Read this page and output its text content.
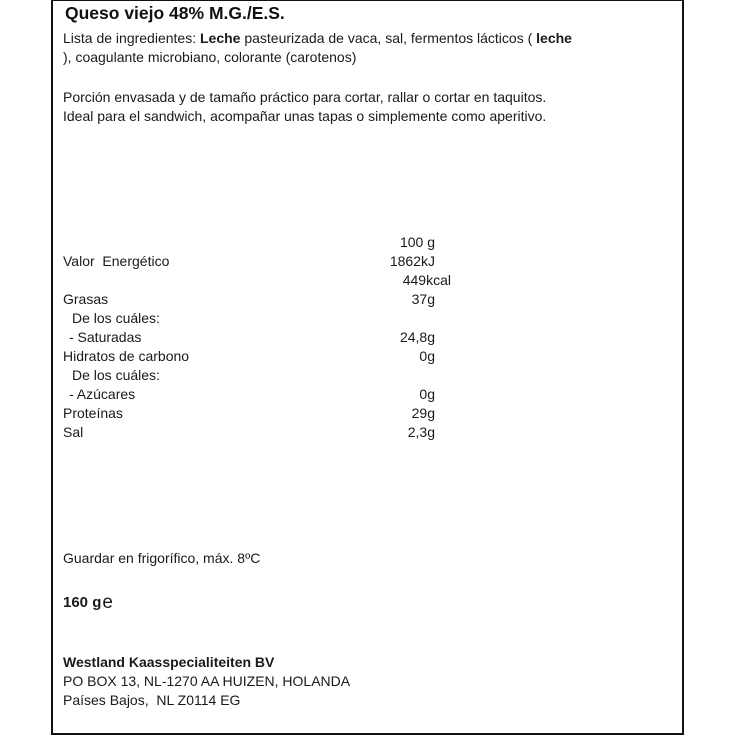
Queso viejo 48% M.G./E.S.
Lista de ingredientes: Leche pasteurizada de vaca, sal, fermentos lácticos ( leche
), coagulante microbiano, colorante (carotenos)
Porción envasada y de tamaño práctico para cortar, rallar o cortar en taquitos.
Ideal para el sandwich, acompañar unas tapas o simplemente como aperitivo.
100 g
Valor  Energético	1862kJ
449kcal
Grasas	37g
De los cuáles:
- Saturadas	24,8g
Hidratos de carbono	0g
De los cuáles:
- Azúcares	0g
Proteínas	29g
Sal	2,3g
Guardar en frigorífico, máx. 8ºC
160 ge
Westland Kaasspecialiteiten BV
PO BOX 13, NL-1270 AA HUIZEN, HOLANDA
Países Bajos,  NL Z0114 EG
